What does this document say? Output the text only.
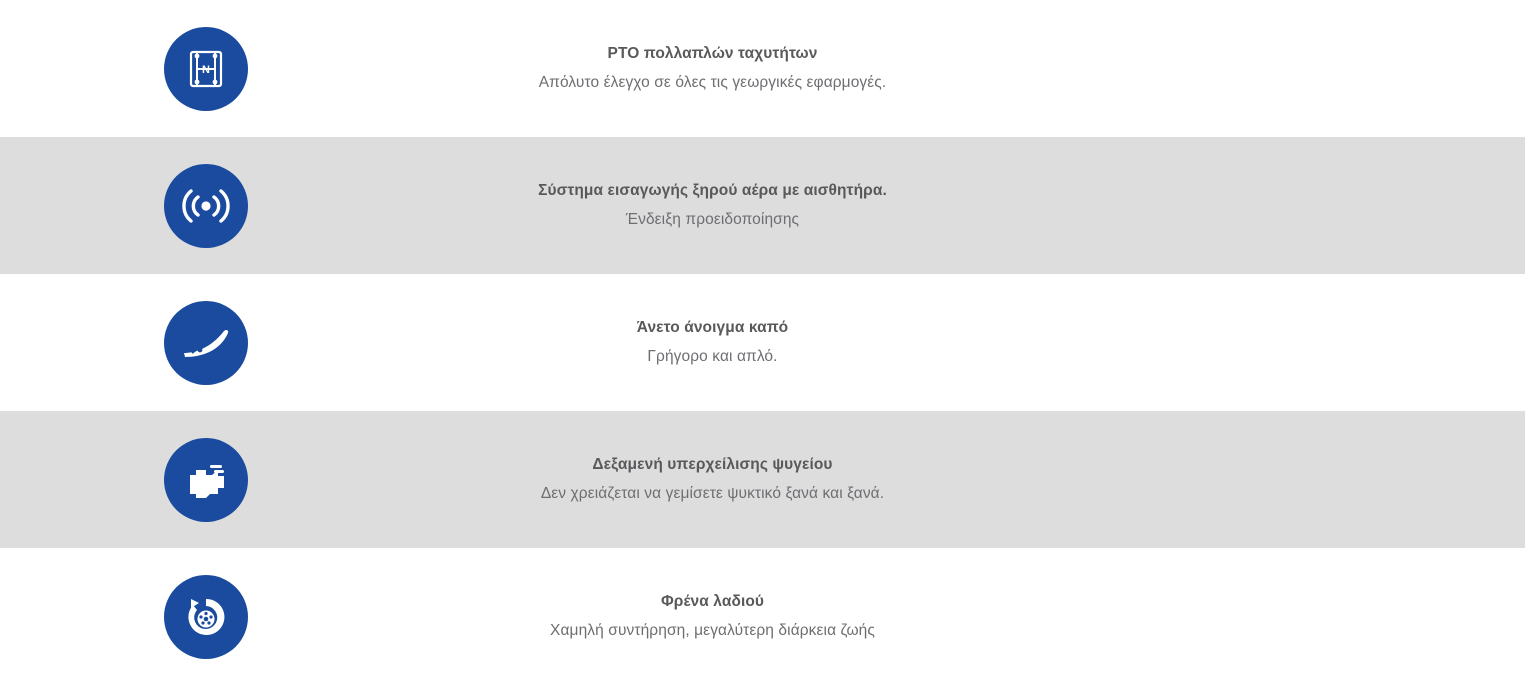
N
PTO πολλαπλών ταχυτήτων
Απόλυτο έλεγχο σε όλες τις γεωργικές εφαρμογές.
Σύστημα εισαγωγής ξηρού αέρα με αισθητήρα.
Ένδειξη προειδοποίησης
Άνετο άνοιγμα καπό
Γρήγορο και απλό.
Δεξαμενή υπερχείλισης ψυγείου
Δεν χρειάζεται να γεμίσετε ψυκτικό ξανά και ξανά.
Φρένα λαδιού
Χαμηλή συντήρηση, μεγαλύτερη διάρκεια ζωής
